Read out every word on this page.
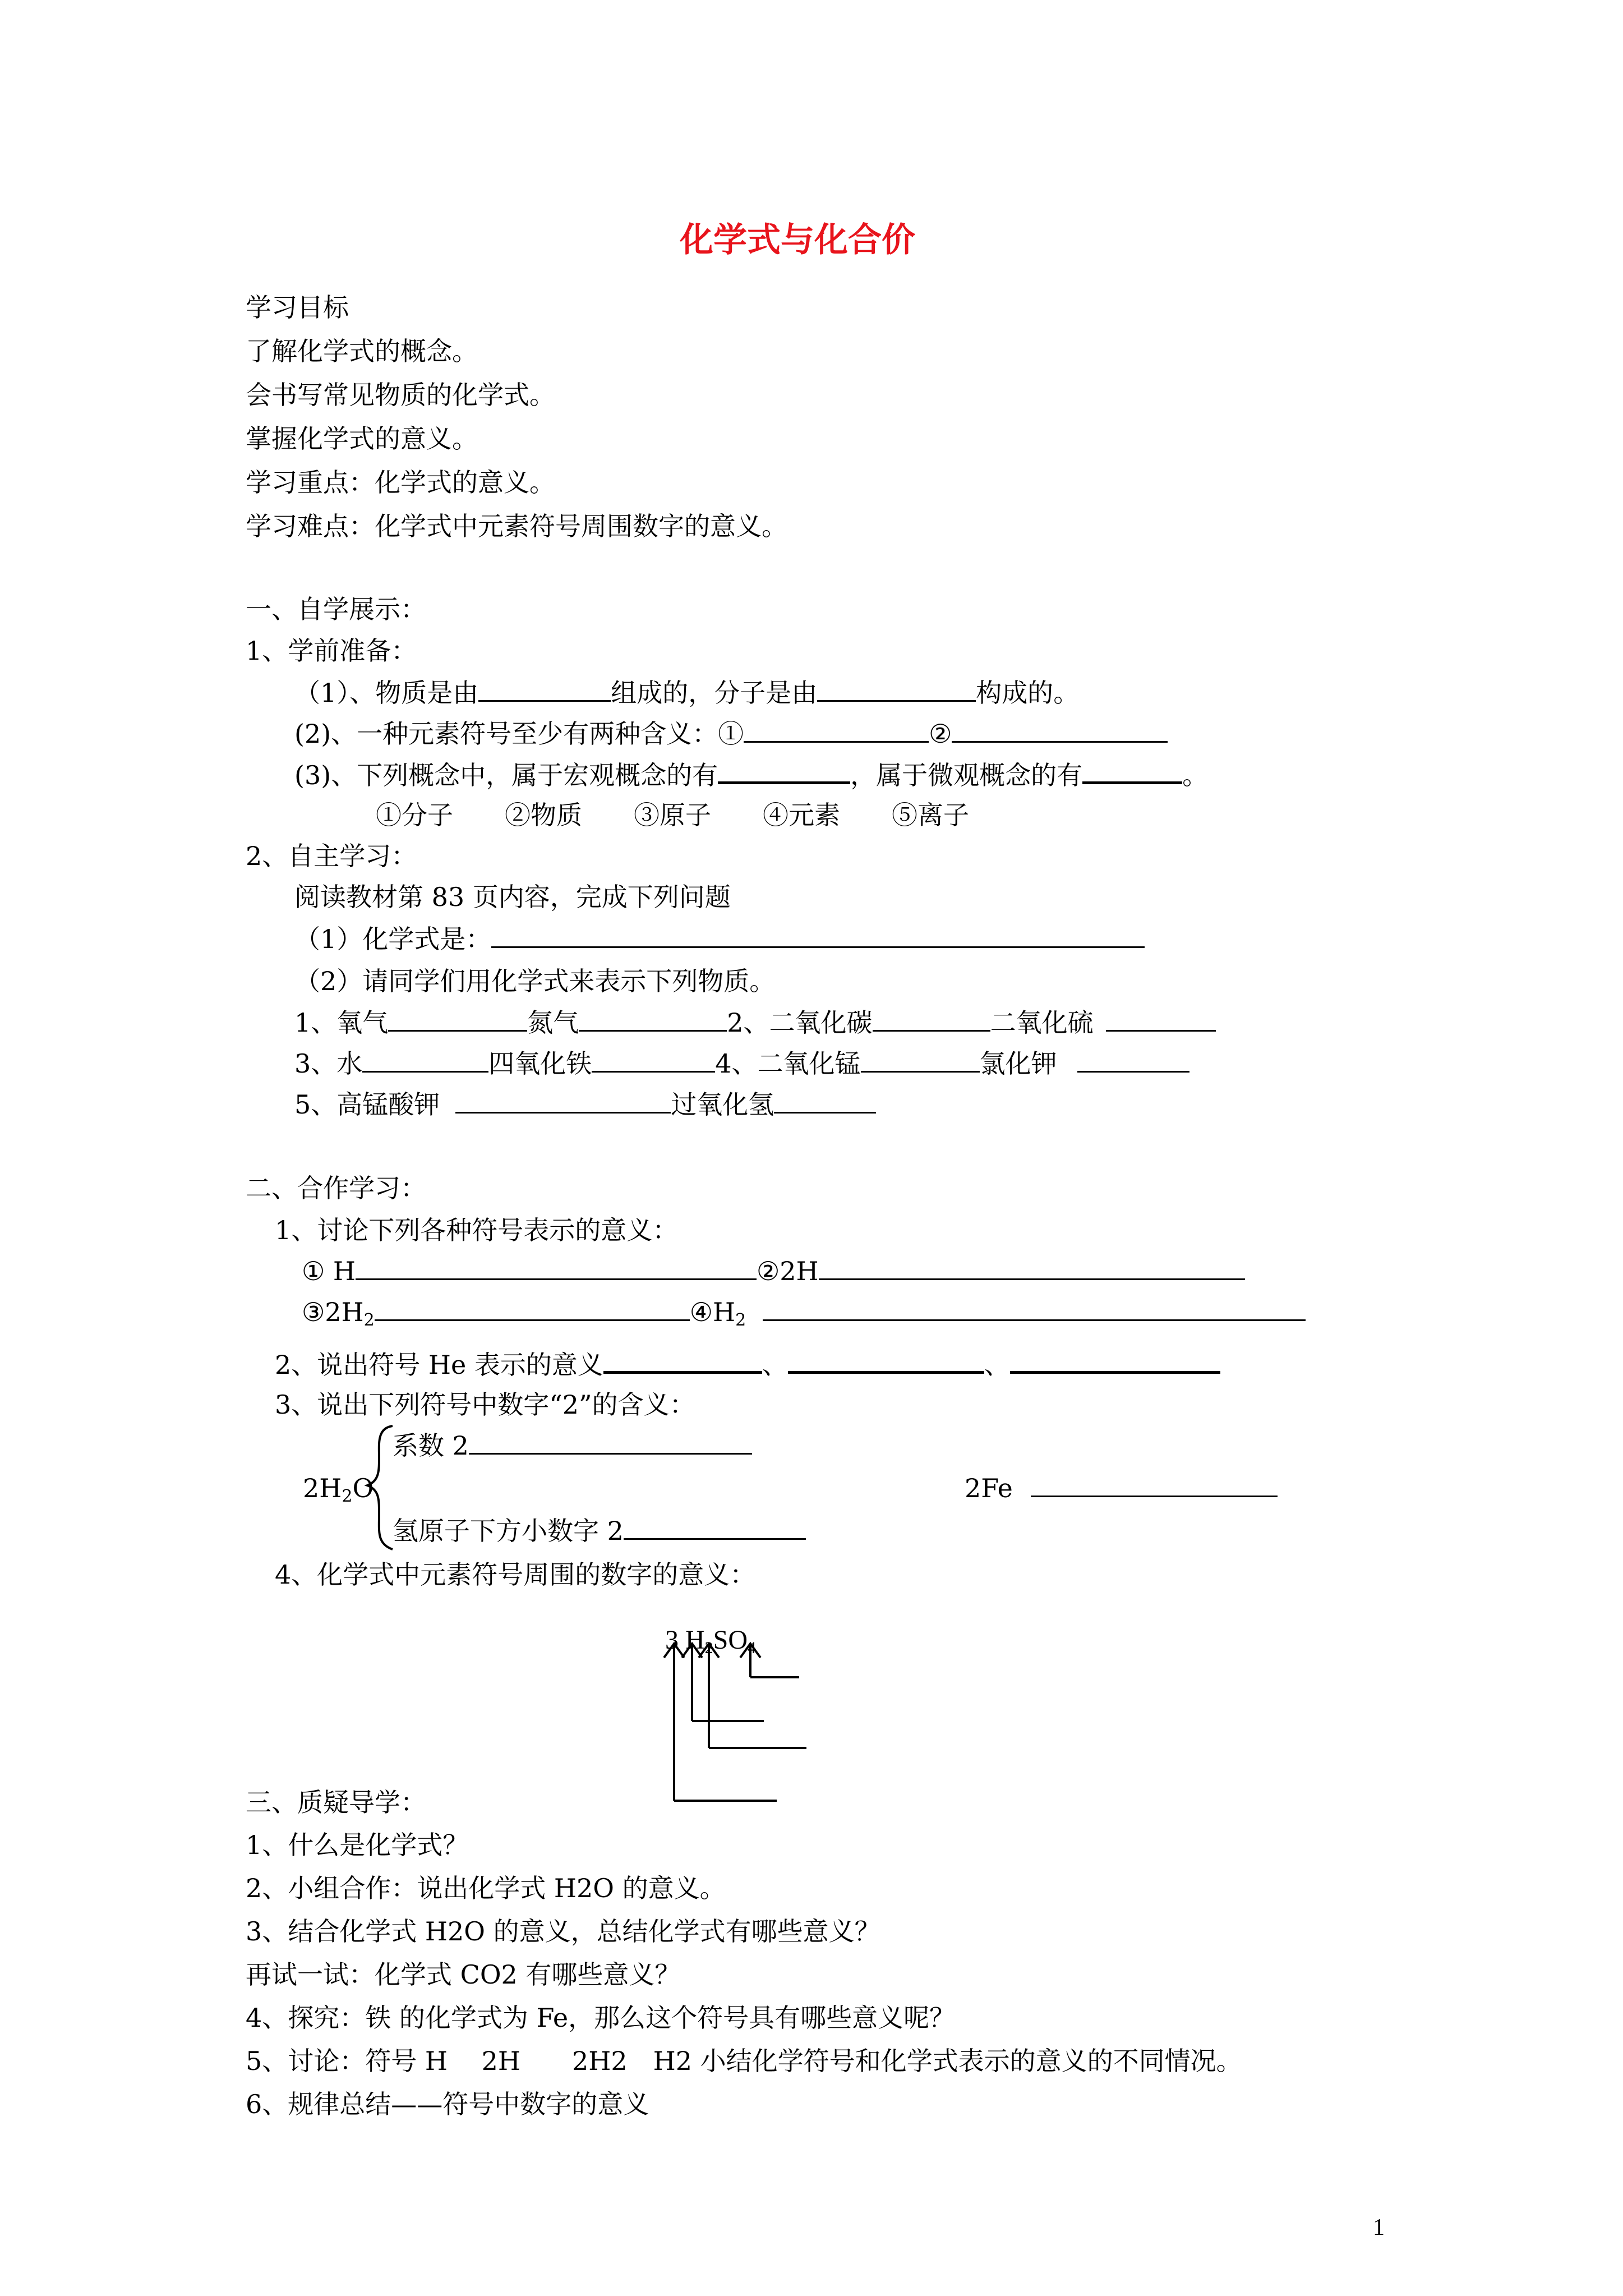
化学式与化合价
学习目标
了解化学式的概念。
会书写常见物质的化学式。
掌握化学式的意义。
学习重点：化学式的意义。
学习难点：化学式中元素符号周围数字的意义。
一、自学展示：
1、学前准备：
（1）、物质是由	组成的，分子是由	构成的。
(2)、一种元素符号至少有两种含义：①	②
(3)、下列概念中，属于宏观概念的有	，属于微观概念的有	。
①分子　　②物质　　③原子　　④元素　　⑤离子
2、自主学习：
阅读教材第 83 页内容，完成下列问题
（1）化学式是：
（2）请同学们用化学式来表示下列物质。
1、氧气	氮气	2、二氧化碳	二氧化硫
3、水	四氧化铁	4、二氧化锰	氯化钾
5、高锰酸钾	过氧化氢
二、合作学习：
1、讨论下列各种符号表示的意义：
① H	②2H
$③2H_2$	$④H_2$
2、说出符号 He 表示的意义	、	、
3、说出下列符号中数字“2”的含义：
系数 2
$2H_2O$
氢原子下方小数字 2
2Fe
4、化学式中元素符号周围的数字的意义：
3 $H_2SO_4$
三、质疑导学：
1、什么是化学式？
2、小组合作：说出化学式 H2O 的意义。
3、结合化学式 H2O 的意义，总结化学式有哪些意义？
再试一试：化学式 CO2 有哪些意义？
4、探究：铁 的化学式为 Fe，那么这个符号具有哪些意义呢？
5、讨论：符号 H　 2H　　2H2　H2 小结化学符号和化学式表示的意义的不同情况。
6、规律总结——符号中数字的意义
1
